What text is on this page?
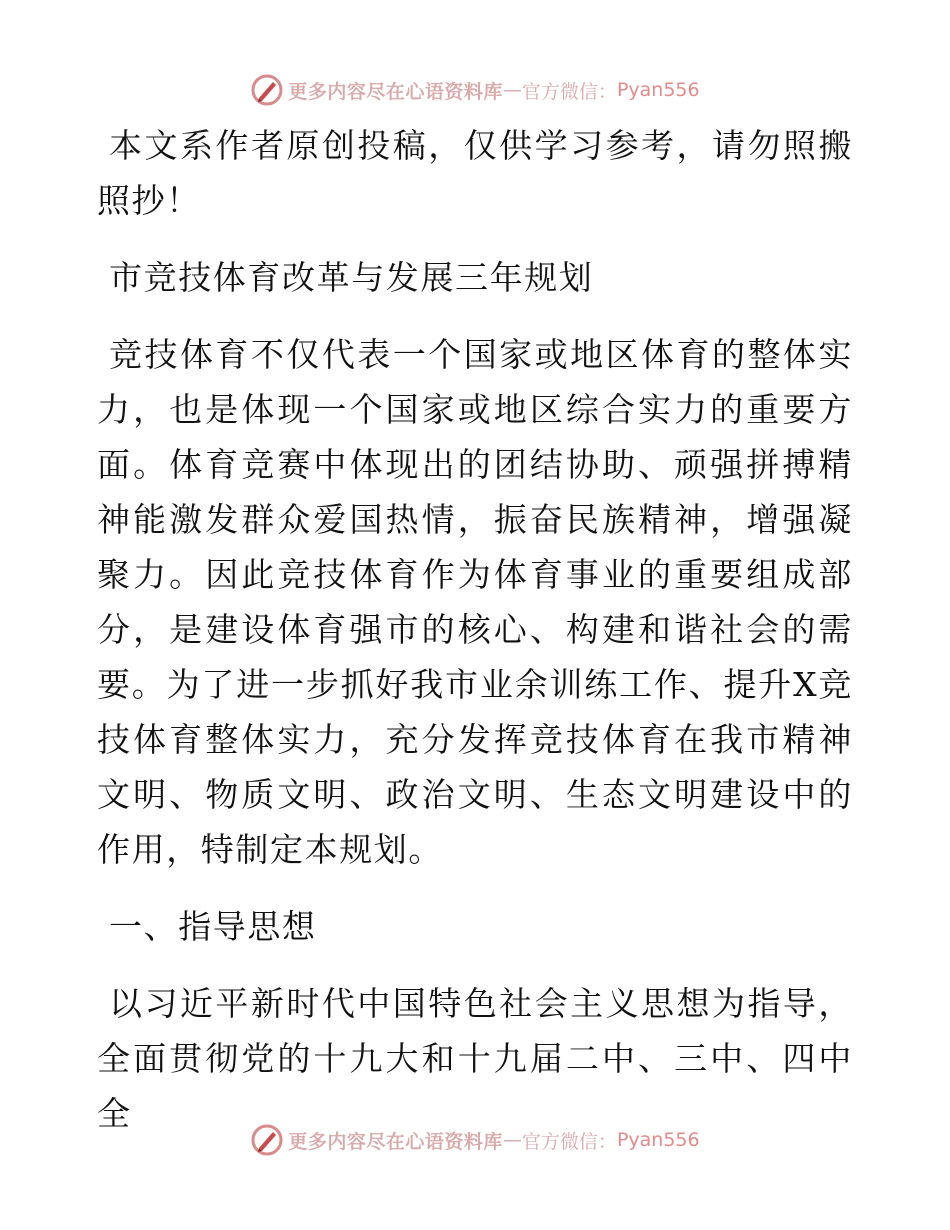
更多内容尽在心语资料库 — 官方微信： Pyan556

本文系作者原创投稿，仅供学习参考，请勿照搬照抄！

市竞技体育改革与发展三年规划

竞技体育不仅代表一个国家或地区体育的整体实力，也是体现一个国家或地区综合实力的重要方面。体育竞赛中体现出的团结协助、顽强拼搏精神能激发群众爱国热情，振奋民族精神，增强凝聚力。因此竞技体育作为体育事业的重要组成部分，是建设体育强市的核心、构建和谐社会的需要。为了进一步抓好我市业余训练工作、提升X竞技体育整体实力，充分发挥竞技体育在我市精神文明、物质文明、政治文明、生态文明建设中的作用，特制定本规划。

一、指导思想

以习近平新时代中国特色社会主义思想为指导，全面贯彻党的十九大和十九届二中、三中、四中全

更多内容尽在心语资料库 — 官方微信： Pyan556
